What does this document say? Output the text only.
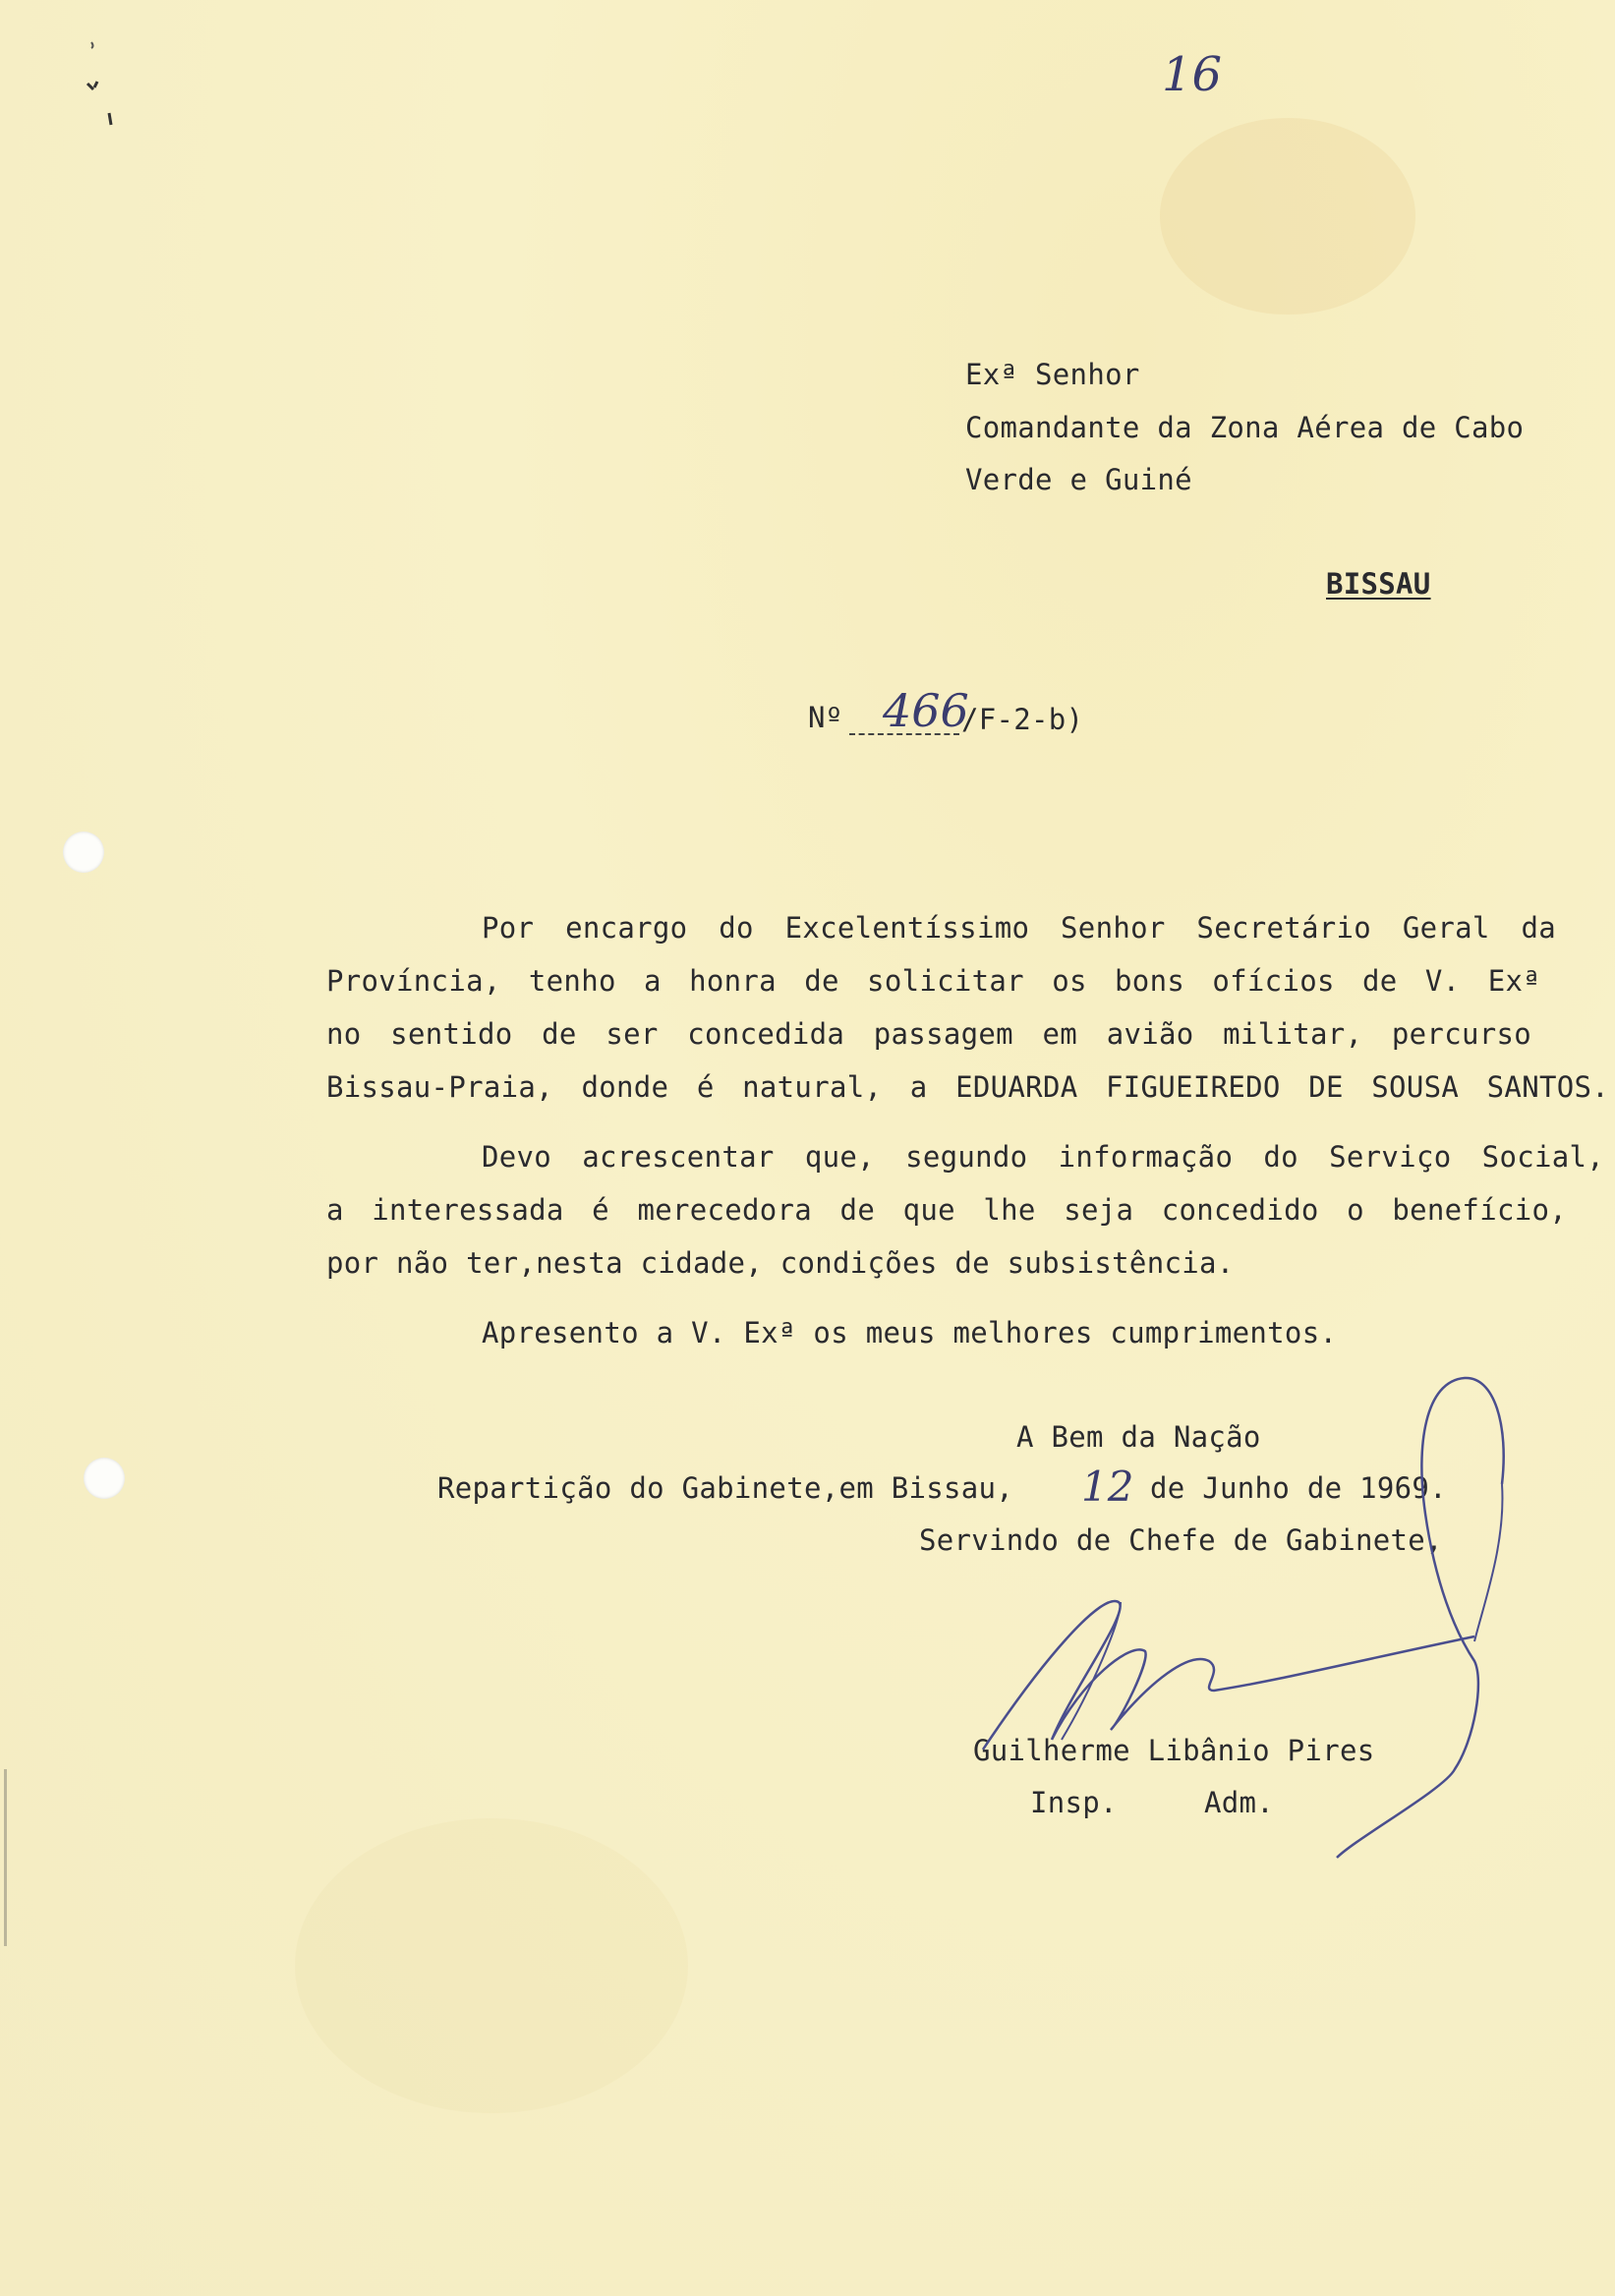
16
Exª Senhor
Comandante da Zona Aérea de Cabo
Verde e Guiné
BISSAU
Nº 466
/F-2-b)
Por encargo do Excelentíssimo Senhor Secretário Geral da
Província, tenho a honra de solicitar os bons ofícios de V. Exª
no sentido de ser concedida passagem em avião militar, percurso
Bissau-Praia, donde é natural, a EDUARDA FIGUEIREDO DE SOUSA SANTOS.
Devo acrescentar que, segundo informação do Serviço Social,
a interessada é merecedora de que lhe seja concedido o benefício,
por não ter,nesta cidade, condições de subsistência.
Apresento a V. Exª os meus melhores cumprimentos.
A Bem da Nação
Repartição do Gabinete,em Bissau, 12 de Junho de 1969.
Servindo de Chefe de Gabinete,
Guilherme Libânio Pires
Insp.	Adm.
